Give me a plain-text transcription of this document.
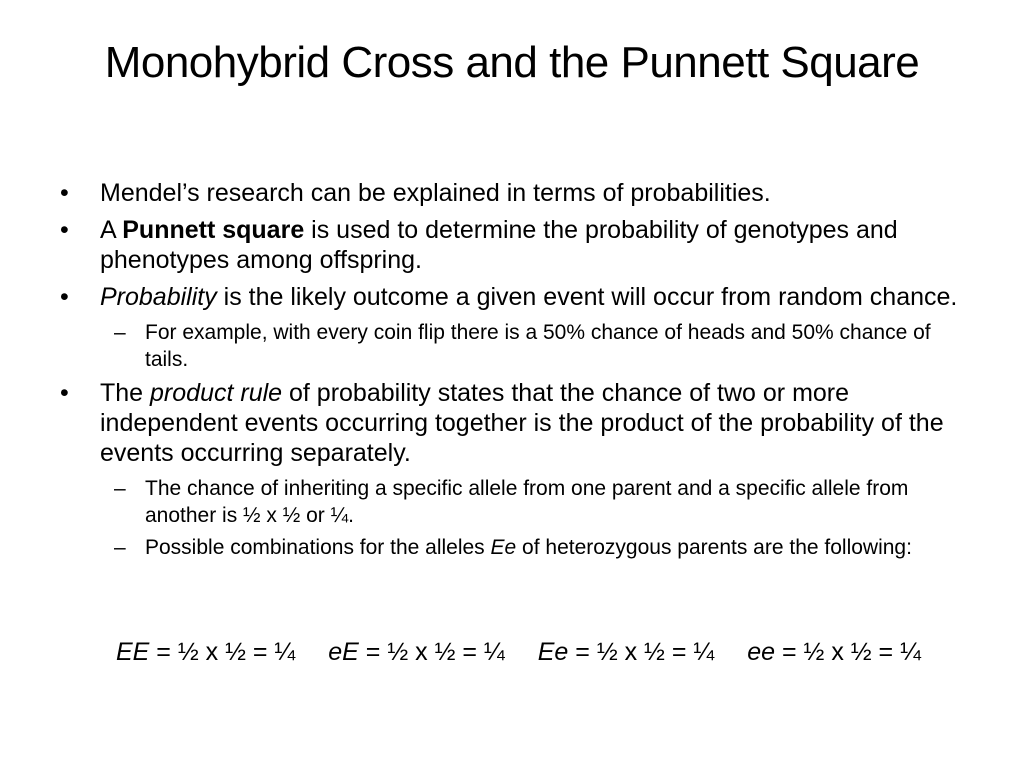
Monohybrid Cross and the Punnett Square
• Mendel’s research can be explained in terms of probabilities.
• A Punnett square is used to determine the probability of genotypes and phenotypes among offspring.
• Probability is the likely outcome a given event will occur from random chance.
– For example, with every coin flip there is a 50% chance of heads and 50% chance of tails.
• The product rule of probability states that the chance of two or more independent events occurring together is the product of the probability of the events occurring separately.
– The chance of inheriting a specific allele from one parent and a specific allele from another is ½ x ½ or ¼.
– Possible combinations for the alleles Ee of heterozygous parents are the following:
EE = ½ x ½ = ¼ eE = ½ x ½ = ¼ Ee = ½ x ½ = ¼ ee = ½ x ½ = ¼
